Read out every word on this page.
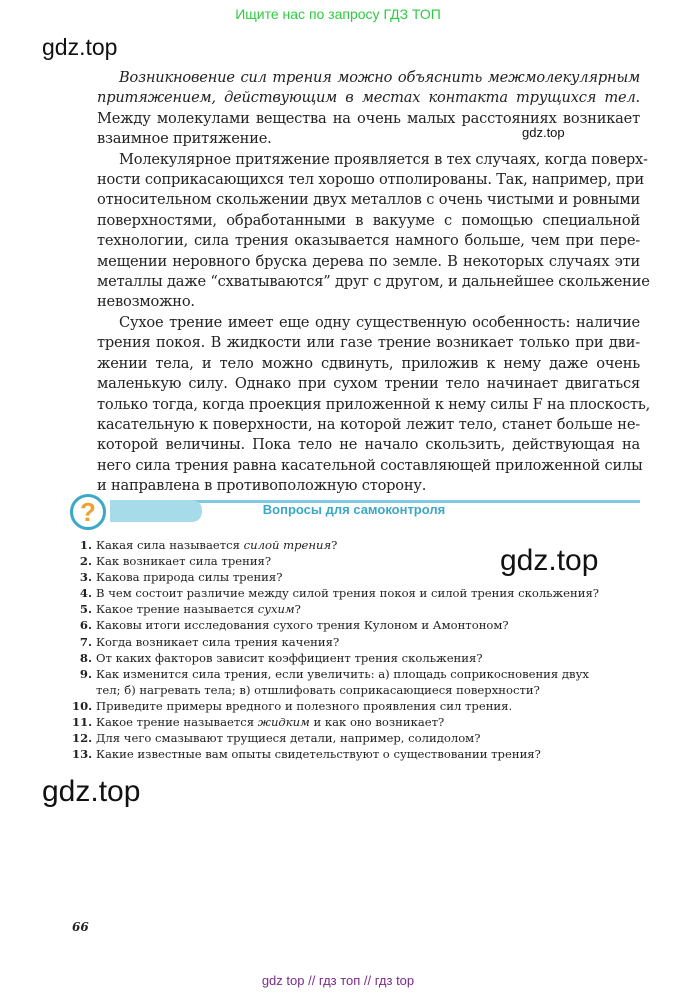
Ищите нас по запросу ГДЗ ТОП
gdz.top
gdz.top
gdz.top
gdz.top
Возникновение сил трения можно объяснить межмолекулярным
притяжением, действующим в местах контакта трущихся тел.
Между молекулами вещества на очень малых расстояниях возникает
взаимное притяжение.
Молекулярное притяжение проявляется в тех случаях, когда поверх-
ности соприкасающихся тел хорошо отполированы. Так, например, при
относительном скольжении двух металлов с очень чистыми и ровными
поверхностями, обработанными в вакууме с помощью специальной
технологии, сила трения оказывается намного больше, чем при пере-
мещении неровного бруска дерева по земле. В некоторых случаях эти
металлы даже “схватываются” друг с другом, и дальнейшее скольжение
невозможно.
Сухое трение имеет еще одну существенную особенность: наличие
трения покоя. В жидкости или газе трение возникает только при дви-
жении тела, и тело можно сдвинуть, приложив к нему даже очень
маленькую силу. Однако при сухом трении тело начинает двигаться
только тогда, когда проекция приложенной к нему силы F на плоскость,
касательную к поверхности, на которой лежит тело, станет больше не-
которой величины. Пока тело не начало скользить, действующая на
него сила трения равна касательной составляющей приложенной силы
и направлена в противоположную сторону.
?	Вопросы для самоконтроля
1. Какая сила называется силой трения?
2. Как возникает сила трения?
3. Какова природа силы трения?
4. В чем состоит различие между силой трения покоя и силой трения скольжения?
5. Какое трение называется сухим?
6. Каковы итоги исследования сухого трения Кулоном и Амонтоном?
7. Когда возникает сила трения качения?
8. От каких факторов зависит коэффициент трения скольжения?
9. Как изменится сила трения, если увеличить: а) площадь соприкосновения двух
тел; б) нагревать тела; в) отшлифовать соприкасающиеся поверхности?
10. Приведите примеры вредного и полезного проявления сил трения.
11. Какое трение называется жидким и как оно возникает?
12. Для чего смазывают трущиеся детали, например, солидолом?
13. Какие известные вам опыты свидетельствуют о существовании трения?
66
gdz top // гдз топ // гдз top
